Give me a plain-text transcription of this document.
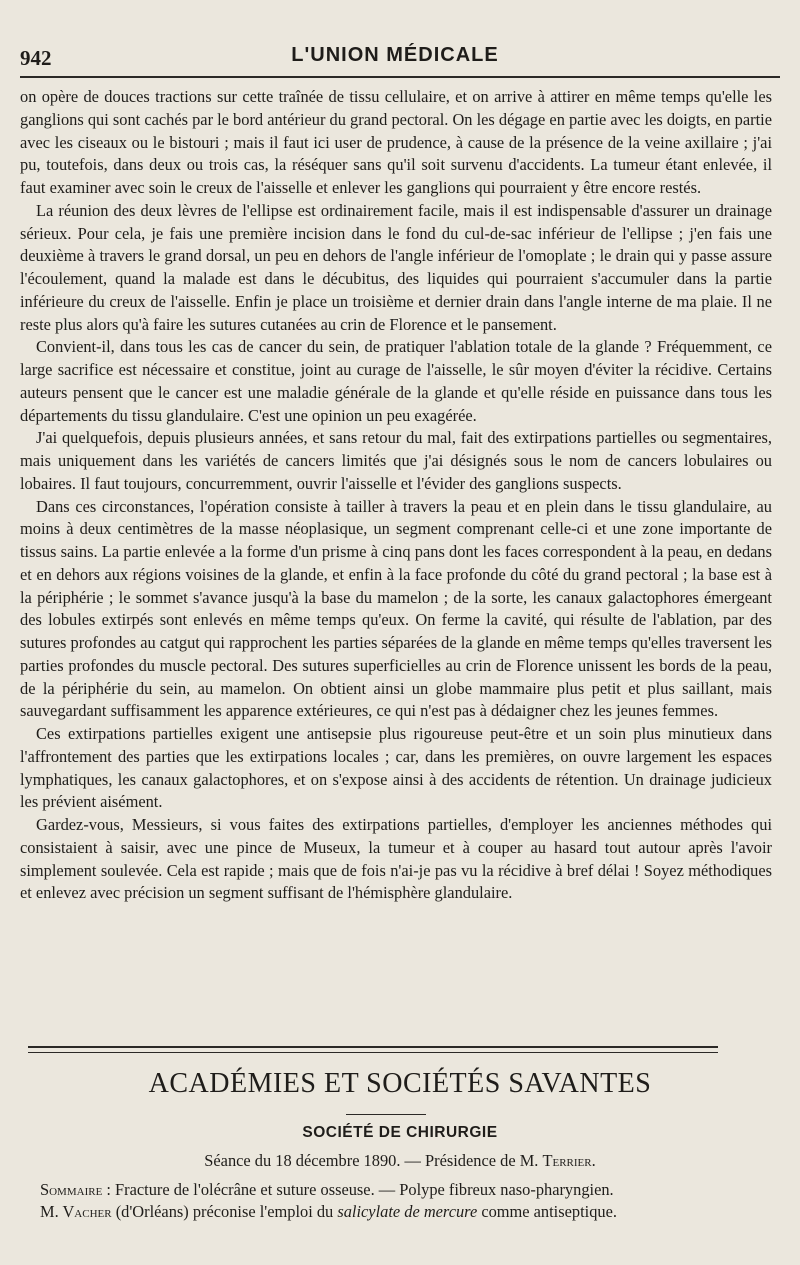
942	L'UNION MÉDICALE

on opère de douces tractions sur cette traînée de tissu cellulaire, et on arrive à attirer en même temps qu'elle les ganglions qui sont cachés par le bord antérieur du grand pectoral. On les dégage en partie avec les doigts, en partie avec les ciseaux ou le bistouri ; mais il faut ici user de prudence, à cause de la présence de la veine axillaire ; j'ai pu, toutefois, dans deux ou trois cas, la réséquer sans qu'il soit survenu d'accidents. La tumeur étant enlevée, il faut examiner avec soin le creux de l'aisselle et enlever les ganglions qui pourraient y être encore restés.

La réunion des deux lèvres de l'ellipse est ordinairement facile, mais il est indispensable d'assurer un drainage sérieux. Pour cela, je fais une première incision dans le fond du cul-de-sac inférieur de l'ellipse ; j'en fais une deuxième à travers le grand dorsal, un peu en dehors de l'angle inférieur de l'omoplate ; le drain qui y passe assure l'écoulement, quand la malade est dans le décubitus, des liquides qui pourraient s'accumuler dans la partie inférieure du creux de l'aisselle. Enfin je place un troisième et dernier drain dans l'angle interne de ma plaie. Il ne reste plus alors qu'à faire les sutures cutanées au crin de Florence et le pansement.

Convient-il, dans tous les cas de cancer du sein, de pratiquer l'ablation totale de la glande ? Fréquemment, ce large sacrifice est nécessaire et constitue, joint au curage de l'aisselle, le sûr moyen d'éviter la récidive. Certains auteurs pensent que le cancer est une maladie générale de la glande et qu'elle réside en puissance dans tous les départements du tissu glandulaire. C'est une opinion un peu exagérée.

J'ai quelquefois, depuis plusieurs années, et sans retour du mal, fait des extirpations partielles ou segmentaires, mais uniquement dans les variétés de cancers limités que j'ai désignés sous le nom de cancers lobulaires ou lobaires. Il faut toujours, concurremment, ouvrir l'aisselle et l'évider des ganglions suspects.

Dans ces circonstances, l'opération consiste à tailler à travers la peau et en plein dans le tissu glandulaire, au moins à deux centimètres de la masse néoplasique, un segment comprenant celle-ci et une zone importante de tissus sains. La partie enlevée a la forme d'un prisme à cinq pans dont les faces correspondent à la peau, en dedans et en dehors aux régions voisines de la glande, et enfin à la face profonde du côté du grand pectoral ; la base est à la périphérie ; le sommet s'avance jusqu'à la base du mamelon ; de la sorte, les canaux galactophores émergeant des lobules extirpés sont enlevés en même temps qu'eux. On ferme la cavité, qui résulte de l'ablation, par des sutures profondes au catgut qui rapprochent les parties séparées de la glande en même temps qu'elles traversent les parties profondes du muscle pectoral. Des sutures superficielles au crin de Florence unissent les bords de la peau, de la périphérie du sein, au mamelon. On obtient ainsi un globe mammaire plus petit et plus saillant, mais sauvegardant suffisamment les apparence extérieures, ce qui n'est pas à dédaigner chez les jeunes femmes.

Ces extirpations partielles exigent une antisepsie plus rigoureuse peut-être et un soin plus minutieux dans l'affrontement des parties que les extirpations locales ; car, dans les premières, on ouvre largement les espaces lymphatiques, les canaux galactophores, et on s'expose ainsi à des accidents de rétention. Un drainage judicieux les prévient aisément.

Gardez-vous, Messieurs, si vous faites des extirpations partielles, d'employer les anciennes méthodes qui consistaient à saisir, avec une pince de Museux, la tumeur et à couper au hasard tout autour après l'avoir simplement soulevée. Cela est rapide ; mais que de fois n'ai-je pas vu la récidive à bref délai ! Soyez méthodiques et enlevez avec précision un segment suffisant de l'hémisphère glandulaire.

ACADÉMIES ET SOCIÉTÉS SAVANTES
SOCIÉTÉ DE CHIRURGIE
Séance du 18 décembre 1890. — Présidence de M. Terrier.
Sommaire : Fracture de l'olécrâne et suture osseuse. — Polype fibreux naso-pharyngien.
M. Vacher (d'Orléans) préconise l'emploi du salicylate de mercure comme antiseptique.
